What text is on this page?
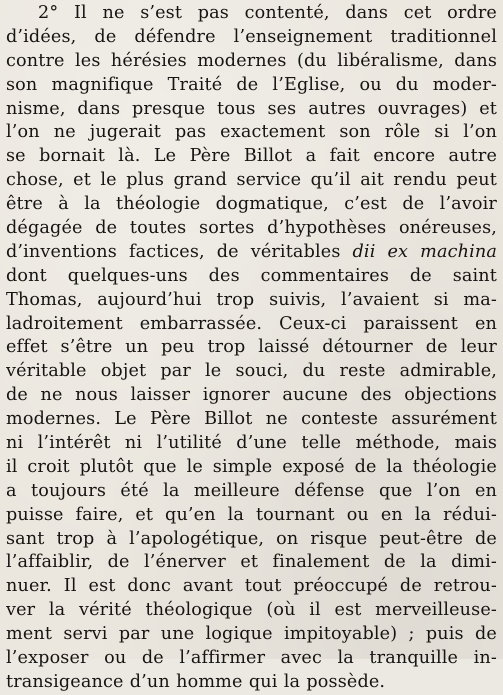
2° Il ne s’est pas contenté, dans cet ordre
d’idées, de défendre l’enseignement traditionnel
contre les hérésies modernes (du libéralisme, dans
son magnifique Traité de l’Eglise, ou du moder-
nisme, dans presque tous ses autres ouvrages) et
l’on ne jugerait pas exactement son rôle si l’on
se bornait là. Le Père Billot a fait encore autre
chose, et le plus grand service qu’il ait rendu peut
être à la théologie dogmatique, c’est de l’avoir
dégagée de toutes sortes d’hypothèses onéreuses,
d’inventions factices, de véritables dii ex machina
dont quelques-uns des commentaires de saint
Thomas, aujourd’hui trop suivis, l’avaient si ma-
ladroitement embarrassée. Ceux-ci paraissent en
effet s’être un peu trop laissé détourner de leur
véritable objet par le souci, du reste admirable,
de ne nous laisser ignorer aucune des objections
modernes. Le Père Billot ne conteste assurément
ni l’intérêt ni l’utilité d’une telle méthode, mais
il croit plutôt que le simple exposé de la théologie
a toujours été la meilleure défense que l’on en
puisse faire, et qu’en la tournant ou en la rédui-
sant trop à l’apologétique, on risque peut-être de
l’affaiblir, de l’énerver et finalement de la dimi-
nuer. Il est donc avant tout préoccupé de retrou-
ver la vérité théologique (où il est merveilleuse-
ment servi par une logique impitoyable) ; puis de
l’exposer ou de l’affirmer avec la tranquille in-
transigeance d’un homme qui la possède.
